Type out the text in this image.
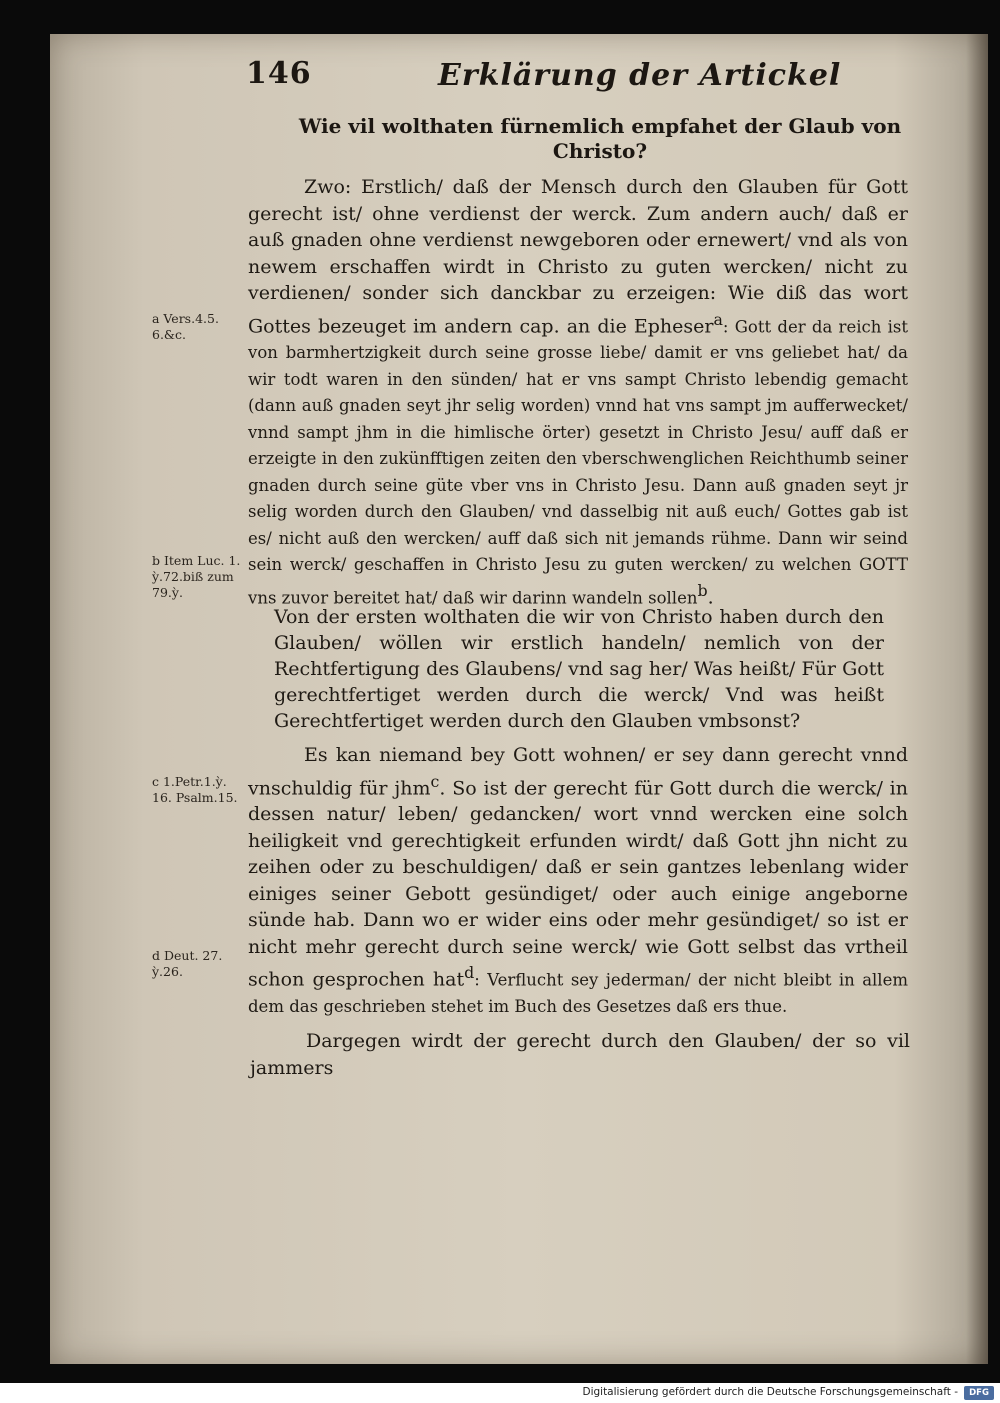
146	Erklärung der Artickel
Wie vil wolthaten fürnemlich empfahet der Glaub von Christo?

Zwo: Erstlich/ daß der Mensch durch den Glauben für Gott gerecht ist/ ohne verdienst der werck. Zum andern auch/ daß er auß gnaden ohne verdienst newgeboren oder ernewert/ vnd als von newem erschaffen wirdt in Christo zu guten wercken/ nicht zu verdienen/ sonder sich danckbar zu erzeigen: Wie diß das wort Gottes bezeuget im andern cap. an die Epheser$^a$: Gott der da reich ist von barmhertzigkeit durch seine grosse liebe/ damit er vns geliebet hat/ da wir todt waren in den sünden/ hat er vns sampt Christo lebendig gemacht (dann auß gnaden seyt jhr selig worden) vnnd hat vns sampt jm aufferwecket/ vnnd sampt jhm in die himlische örter) gesetzt in Christo Jesu/ auff daß er erzeigte in den zukünfftigen zeiten den vberschwenglichen Reichthumb seiner gnaden durch seine güte vber vns in Christo Jesu. Dann auß gnaden seyt jr selig worden durch den Glauben/ vnd dasselbig nit auß euch/ Gottes gab ist es/ nicht auß den wercken/ auff daß sich nit jemands rühme. Dann wir seind sein werck/ geschaffen in Christo Jesu zu guten wercken/ zu welchen GOTT vns zuvor bereitet hat/ daß wir darinn wandeln sollen$^b$.

Von der ersten wolthaten die wir von Christo haben durch den Glauben/ wöllen wir erstlich handeln/ nemlich von der Rechtfertigung des Glaubens/ vnd sag her/ Was heißt/ Für Gott gerechtfertiget werden durch die werck/ Vnd was heißt Gerechtfertiget werden durch den Glauben vmbsonst?

Es kan niemand bey Gott wohnen/ er sey dann gerecht vnnd vnschuldig für jhm$^c$. So ist der gerecht für Gott durch die werck/ in dessen natur/ leben/ gedancken/ wort vnnd wercken eine solch heiligkeit vnd gerechtigkeit erfunden wirdt/ daß Gott jhn nicht zu zeihen oder zu beschuldigen/ daß er sein gantzes lebenlang wider einiges seiner Gebott gesündiget/ oder auch einige angeborne sünde hab. Dann wo er wider eins oder mehr gesündiget/ so ist er nicht mehr gerecht durch seine werck/ wie Gott selbst das vrtheil schon gesprochen hat$^d$: Verflucht sey jederman/ der nicht bleibt in allem dem das geschrieben stehet im Buch des Gesetzes daß ers thue.

Dargegen wirdt der gerecht durch den Glauben/ der so vil jammers

a Vers.4.5. 6.&c.
b Item Luc. 1. ỳ.72.biß zum 79.ỳ.
c 1.Petr.1.ỳ. 16. Psalm.15.
d Deut. 27. ỳ.26.
Digitalisierung gefördert durch die Deutsche Forschungsgemeinschaft -	DFG
